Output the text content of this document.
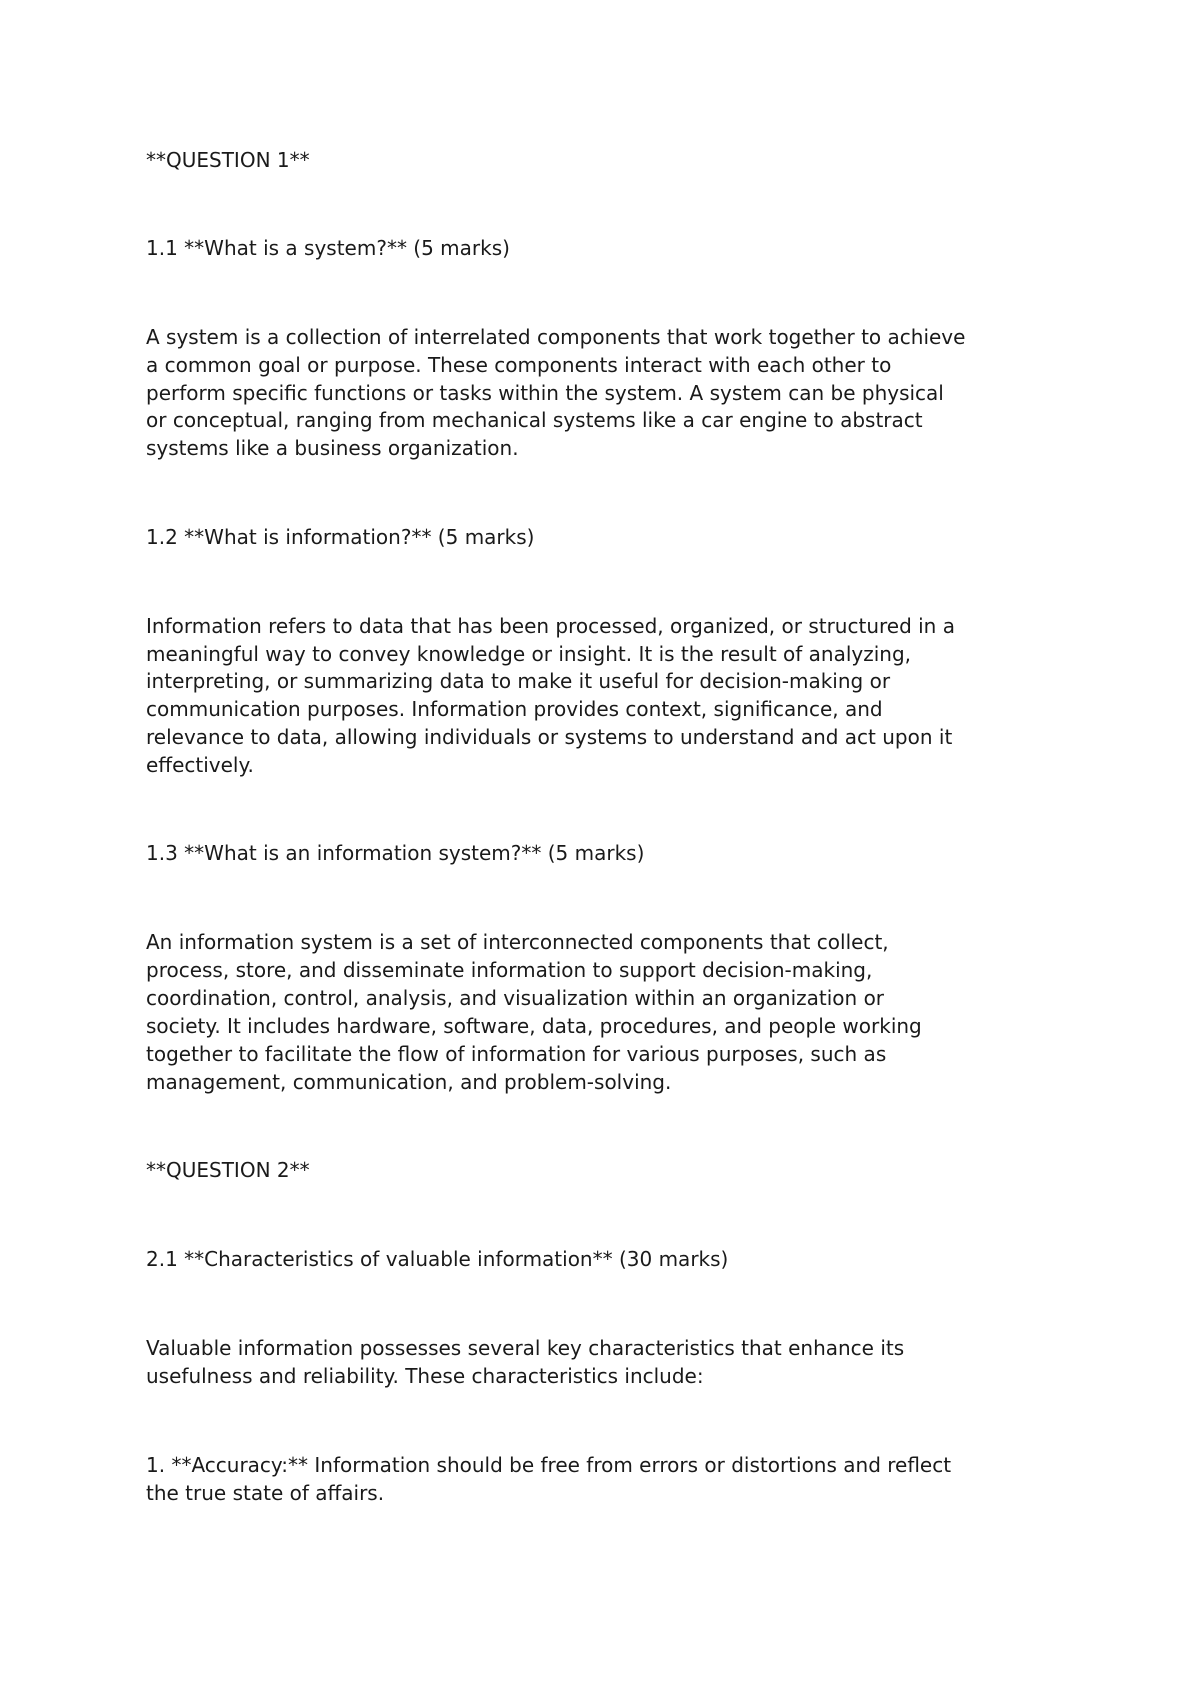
**QUESTION 1**

1.1 **What is a system?** (5 marks)

A system is a collection of interrelated components that work together to achieve

a common goal or purpose. These components interact with each other to

perform specific functions or tasks within the system. A system can be physical

or conceptual, ranging from mechanical systems like a car engine to abstract

systems like a business organization.

1.2 **What is information?** (5 marks)

Information refers to data that has been processed, organized, or structured in a

meaningful way to convey knowledge or insight. It is the result of analyzing,

interpreting, or summarizing data to make it useful for decision-making or

communication purposes. Information provides context, significance, and

relevance to data, allowing individuals or systems to understand and act upon it

effectively.

1.3 **What is an information system?** (5 marks)

An information system is a set of interconnected components that collect,

process, store, and disseminate information to support decision-making,

coordination, control, analysis, and visualization within an organization or

society. It includes hardware, software, data, procedures, and people working

together to facilitate the flow of information for various purposes, such as

management, communication, and problem-solving.

**QUESTION 2**

2.1 **Characteristics of valuable information** (30 marks)

Valuable information possesses several key characteristics that enhance its

usefulness and reliability. These characteristics include:

1. **Accuracy:** Information should be free from errors or distortions and reflect

the true state of affairs.
